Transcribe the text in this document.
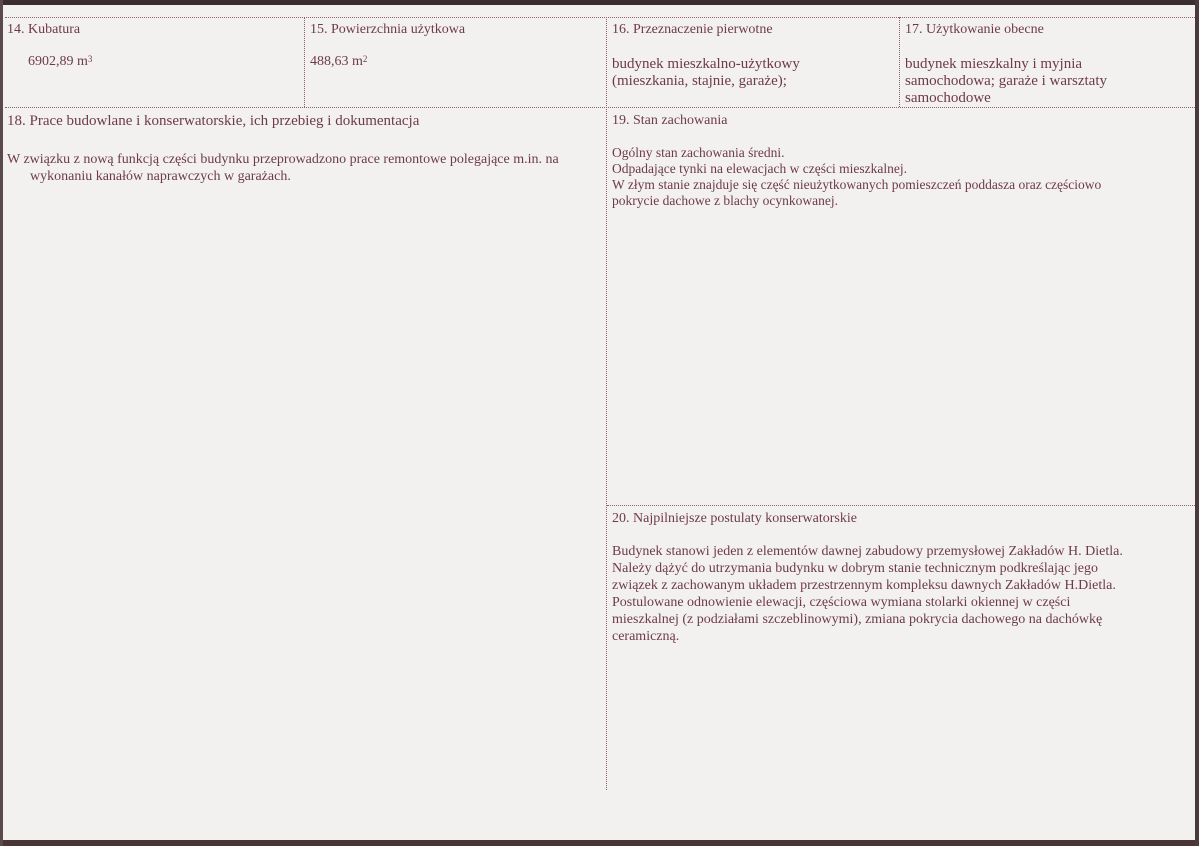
14. Kubatura
6902,89 $m^3$
15. Powierzchnia użytkowa
488,63 $m^2$
16. Przeznaczenie pierwotne

budynek mieszkalno-użytkowy

(mieszkania, stajnie, garaże);

17. Użytkowanie obecne

budynek mieszkalny i myjnia

samochodowa; garaże i warsztaty

samochodowe

18. Prace budowlane i konserwatorskie, ich przebieg i dokumentacja

W związku z nową funkcją części budynku przeprowadzono prace remontowe polegające m.in. na wykonaniu kanałów naprawczych w garażach.

19. Stan zachowania

Ogólny stan zachowania średni.

Odpadające tynki na elewacjach w części mieszkalnej.

W złym stanie znajduje się część nieużytkowanych pomieszczeń poddasza oraz częściowo

pokrycie dachowe z blachy ocynkowanej.

20. Najpilniejsze postulaty konserwatorskie

Budynek stanowi jeden z elementów dawnej zabudowy przemysłowej Zakładów H. Dietla.

Należy dążyć do utrzymania budynku w dobrym stanie technicznym podkreślając jego

związek z zachowanym układem przestrzennym kompleksu dawnych Zakładów H.Dietla.

Postulowane odnowienie elewacji, częściowa wymiana stolarki okiennej w części

mieszkalnej (z podziałami szczeblinowymi), zmiana pokrycia dachowego na dachówkę

ceramiczną.
